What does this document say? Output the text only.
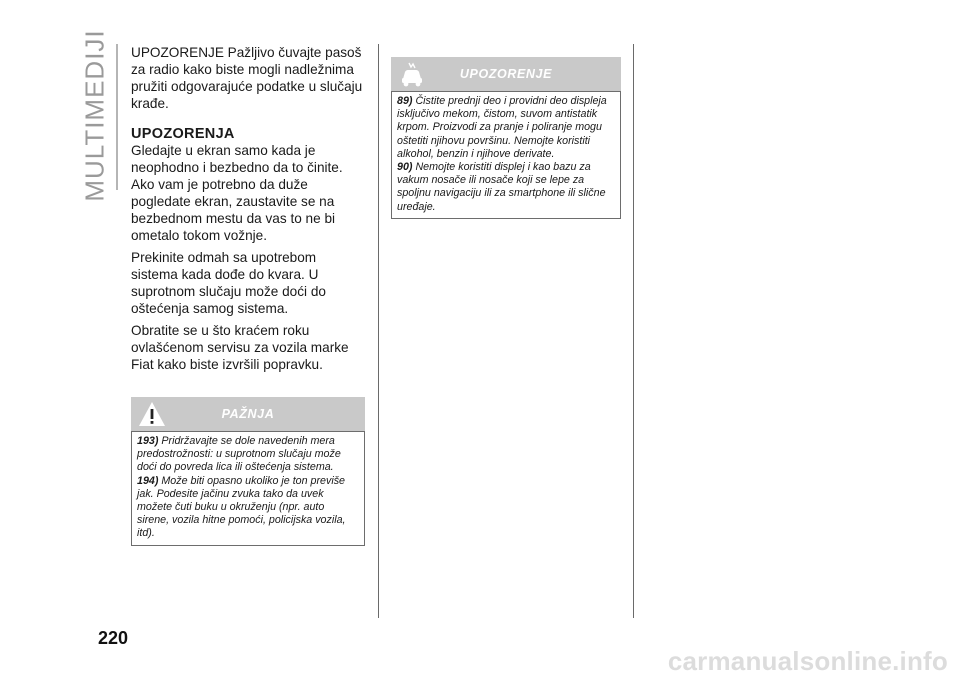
MULTIMEDIJI UPOZORENJE Pažljivo čuvajte pasoš za radio kako biste mogli nadležnima pružiti odgovarajuće podatke u slučaju krađe.

UPOZORENJA

Gledajte u ekran samo kada je neophodno i bezbedno da to činite. Ako vam je potrebno da duže pogledate ekran, zaustavite se na bezbednom mestu da vas to ne bi ometalo tokom vožnje.

Prekinite odmah sa upotrebom sistema kada dođe do kvara. U suprotnom slučaju može doći do oštećenja samog sistema.

Obratite se u što kraćem roku ovlašćenom servisu za vozila marke Fiat kako biste izvršili popravku.

PAŽNJA

193) Pridržavajte se dole navedenih mera predostrožnosti: u suprotnom slučaju može doći do povreda lica ili oštećenja sistema.

194) Može biti opasno ukoliko je ton previše jak. Podesite jačinu zvuka tako da uvek možete čuti buku u okruženju (npr. auto sirene, vozila hitne pomoći, policijska vozila, itd).

UPOZORENJE

89) Čistite prednji deo i providni deo displeja isključivo mekom, čistom, suvom antistatik krpom. Proizvodi za pranje i poliranje mogu oštetiti njihovu površinu. Nemojte koristiti alkohol, benzin i njihove derivate.

90) Nemojte koristiti displej i kao bazu za vakum nosače ili nosače koji se lepe za spoljnu navigaciju ili za smartphone ili slične uređaje.

220
carmanualsonline.info
